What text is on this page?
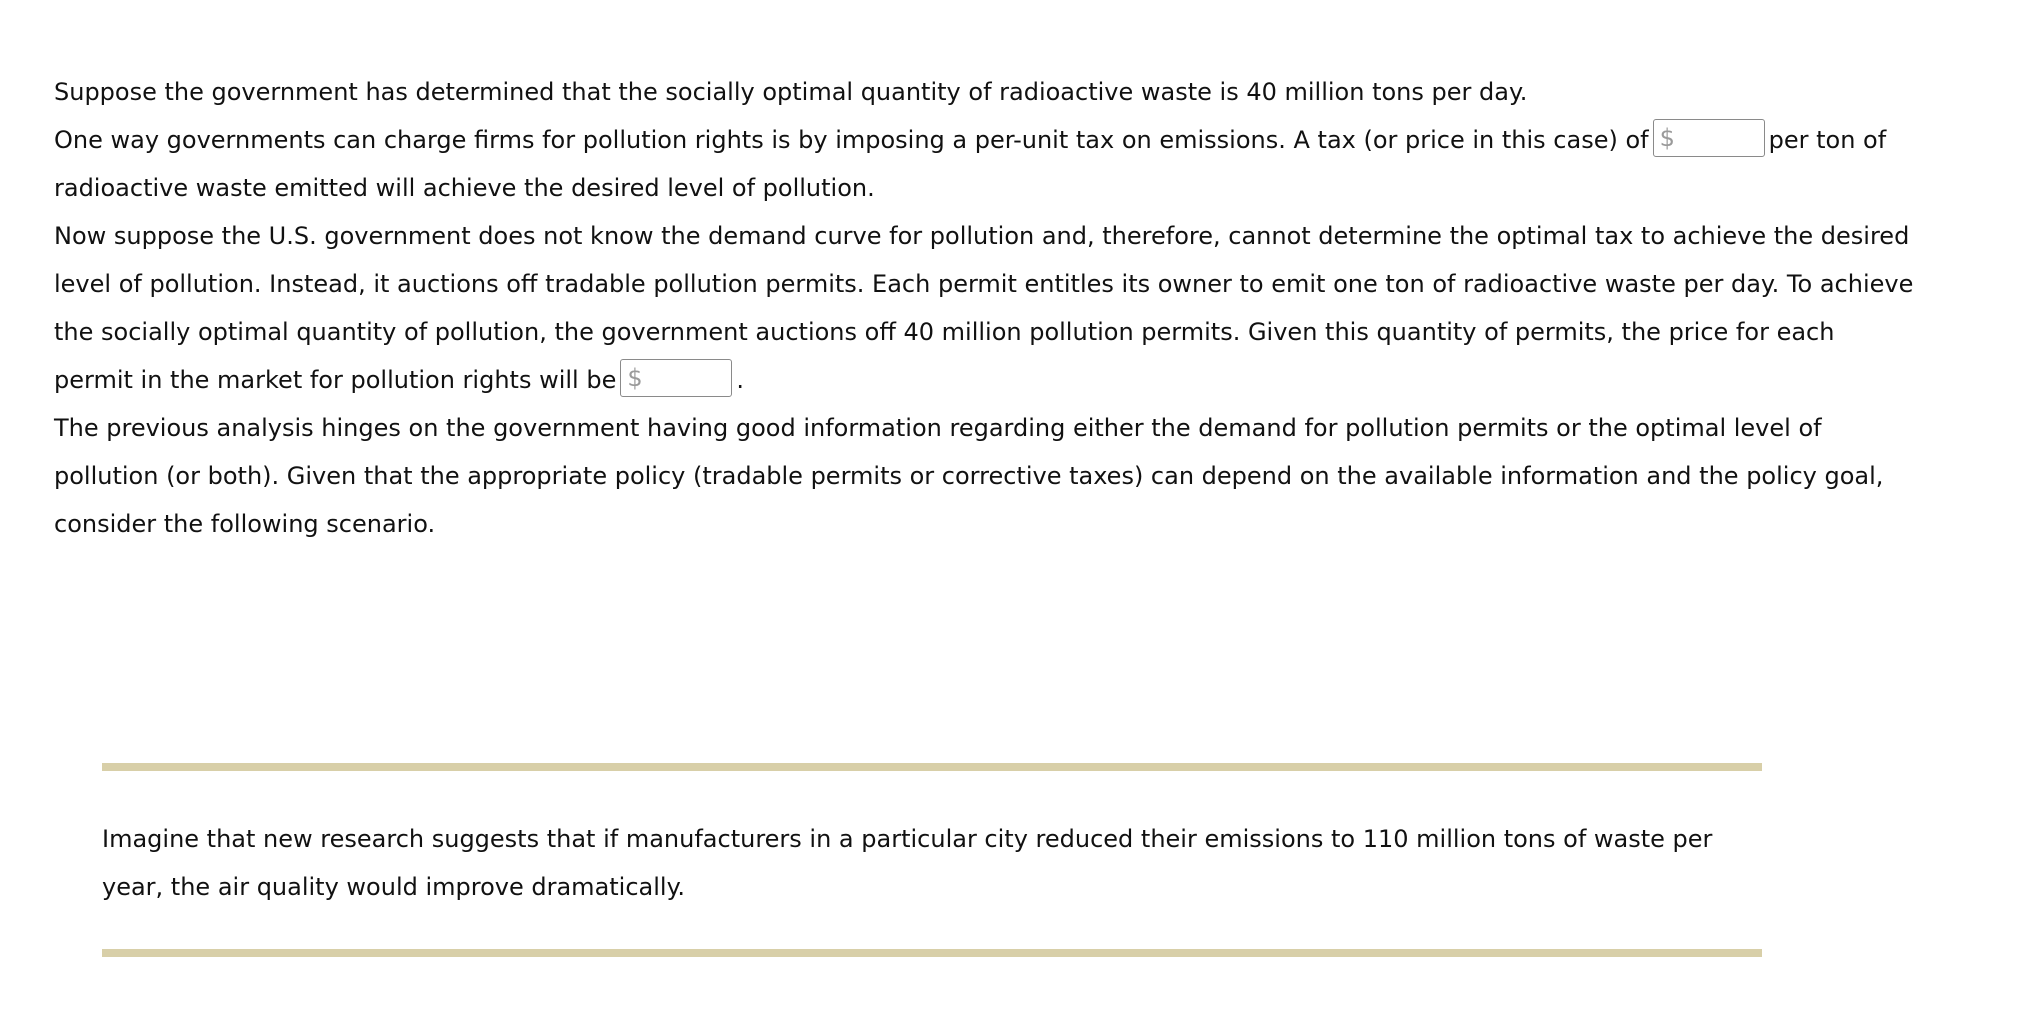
Suppose the government has determined that the socially optimal quantity of radioactive waste is 40 million tons per day.

One way governments can charge firms for pollution rights is by imposing a per-unit tax on emissions. A tax (or price in this case) of $	per ton of radioactive waste emitted will achieve the desired level of pollution.

Now suppose the U.S. government does not know the demand curve for pollution and, therefore, cannot determine the optimal tax to achieve the desired level of pollution. Instead, it auctions off tradable pollution permits. Each permit entitles its owner to emit one ton of radioactive waste per day. To achieve the socially optimal quantity of pollution, the government auctions off 40 million pollution permits. Given this quantity of permits, the price for each permit in the market for pollution rights will be $	.

The previous analysis hinges on the government having good information regarding either the demand for pollution permits or the optimal level of pollution (or both). Given that the appropriate policy (tradable permits or corrective taxes) can depend on the available information and the policy goal, consider the following scenario.

Imagine that new research suggests that if manufacturers in a particular city reduced their emissions to 110 million tons of waste per year, the air quality would improve dramatically.
